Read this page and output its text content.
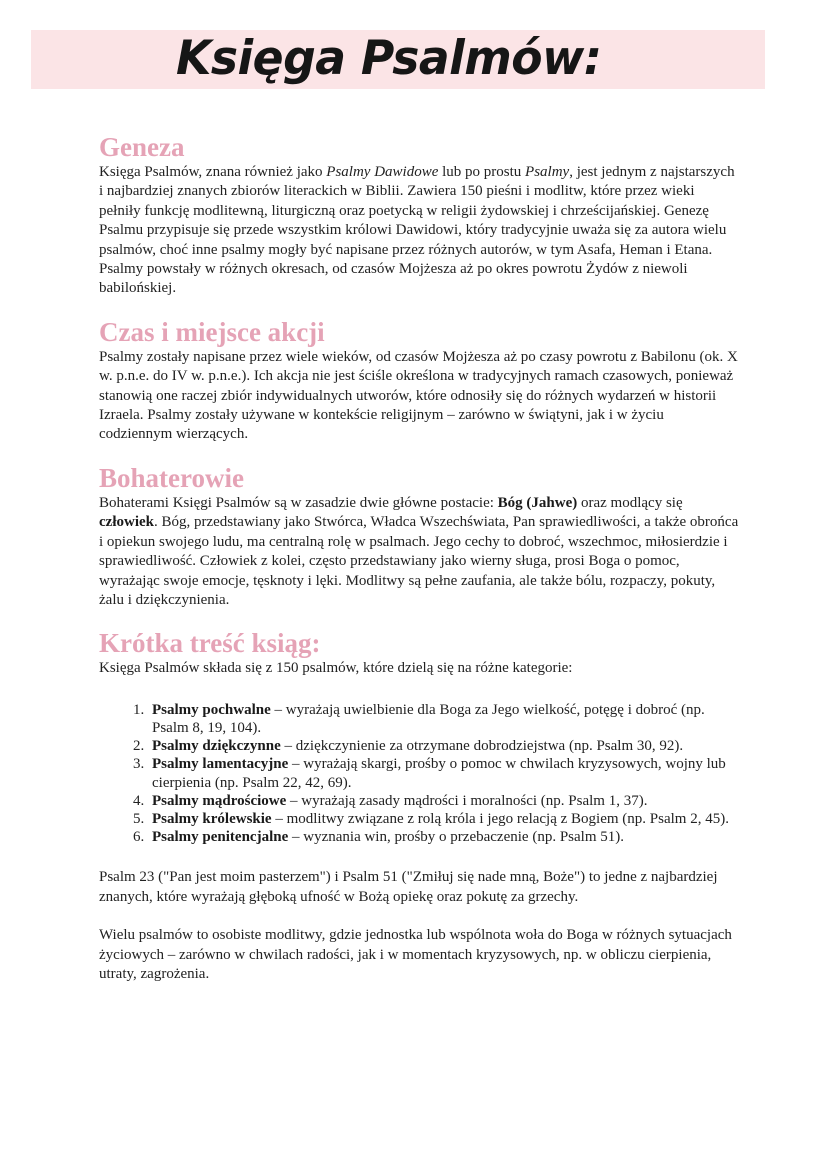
Księga Psalmów:
Geneza

Księga Psalmów, znana również jako Psalmy Dawidowe lub po prostu Psalmy, jest jednym z najstarszych i najbardziej znanych zbiorów literackich w Biblii. Zawiera 150 pieśni i modlitw, które przez wieki pełniły funkcję modlitewną, liturgiczną oraz poetycką w religii żydowskiej i chrześcijańskiej. Genezę Psalmu przypisuje się przede wszystkim królowi Dawidowi, który tradycyjnie uważa się za autora wielu psalmów, choć inne psalmy mogły być napisane przez różnych autorów, w tym Asafa, Heman i Etana. Psalmy powstały w różnych okresach, od czasów Mojżesza aż po okres powrotu Żydów z niewoli babilońskiej.

Czas i miejsce akcji

Psalmy zostały napisane przez wiele wieków, od czasów Mojżesza aż po czasy powrotu z Babilonu (ok. X w. p.n.e. do IV w. p.n.e.). Ich akcja nie jest ściśle określona w tradycyjnych ramach czasowych, ponieważ stanowią one raczej zbiór indywidualnych utworów, które odnosiły się do różnych wydarzeń w historii Izraela. Psalmy zostały używane w kontekście religijnym – zarówno w świątyni, jak i w życiu codziennym wierzących.

Bohaterowie

Bohaterami Księgi Psalmów są w zasadzie dwie główne postacie: Bóg (Jahwe) oraz modlący się człowiek. Bóg, przedstawiany jako Stwórca, Władca Wszechświata, Pan sprawiedliwości, a także obrońca i opiekun swojego ludu, ma centralną rolę w psalmach. Jego cechy to dobroć, wszechmoc, miłosierdzie i sprawiedliwość. Człowiek z kolei, często przedstawiany jako wierny sługa, prosi Boga o pomoc, wyrażając swoje emocje, tęsknoty i lęki. Modlitwy są pełne zaufania, ale także bólu, rozpaczy, pokuty, żalu i dziękczynienia.

Krótka treść ksiąg:

Księga Psalmów składa się z 150 psalmów, które dzielą się na różne kategorie:

1. Psalmy pochwalne – wyrażają uwielbienie dla Boga za Jego wielkość, potęgę i dobroć (np. Psalm 8, 19, 104).
2. Psalmy dziękczynne – dziękczynienie za otrzymane dobrodziejstwa (np. Psalm 30, 92).
3. Psalmy lamentacyjne – wyrażają skargi, prośby o pomoc w chwilach kryzysowych, wojny lub cierpienia (np. Psalm 22, 42, 69).
4. Psalmy mądrościowe – wyrażają zasady mądrości i moralności (np. Psalm 1, 37).
5. Psalmy królewskie – modlitwy związane z rolą króla i jego relacją z Bogiem (np. Psalm 2, 45).
6. Psalmy penitencjalne – wyznania win, prośby o przebaczenie (np. Psalm 51).

Psalm 23 ("Pan jest moim pasterzem") i Psalm 51 ("Zmiłuj się nade mną, Boże") to jedne z najbardziej znanych, które wyrażają głęboką ufność w Bożą opiekę oraz pokutę za grzechy.

Wielu psalmów to osobiste modlitwy, gdzie jednostka lub wspólnota woła do Boga w różnych sytuacjach życiowych – zarówno w chwilach radości, jak i w momentach kryzysowych, np. w obliczu cierpienia, utraty, zagrożenia.
